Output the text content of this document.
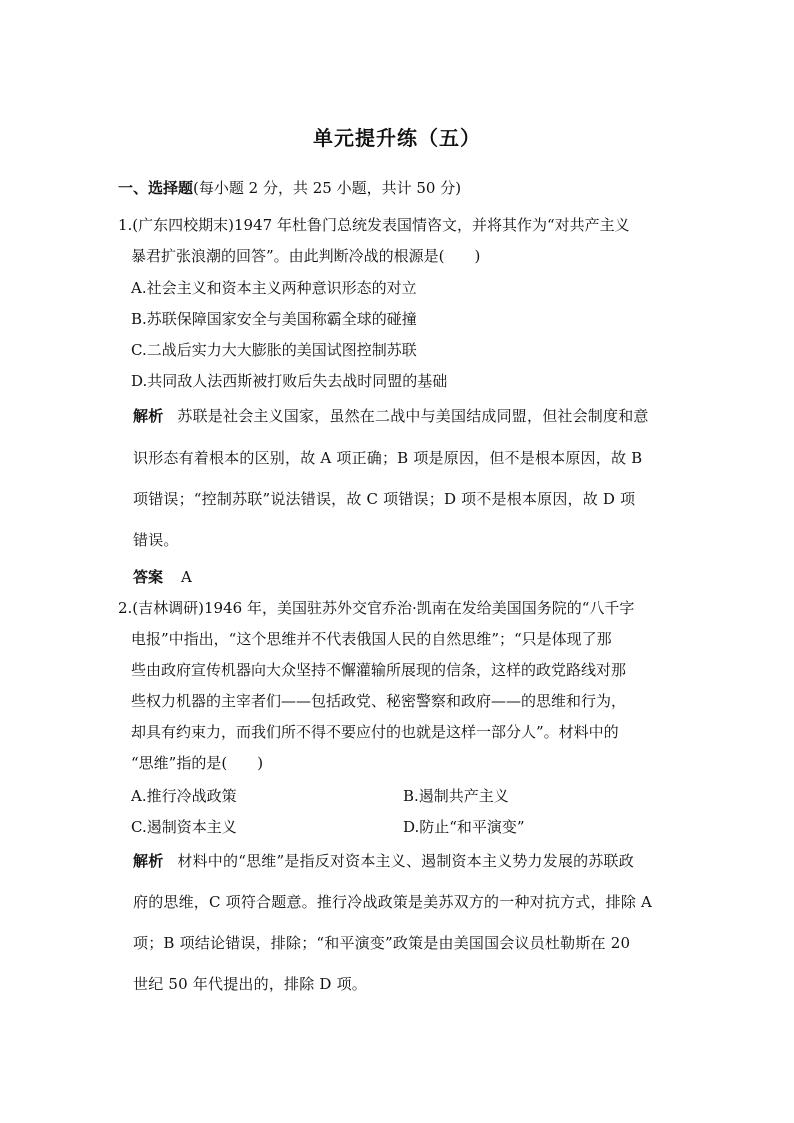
单元提升练（五）
一、选择题(每小题 2 分，共 25 小题，共计 50 分)
1.(广东四校期末)1947 年杜鲁门总统发表国情咨文，并将其作为“对共产主义
暴君扩张浪潮的回答”。由此判断冷战的根源是(　　)
A.社会主义和资本主义两种意识形态的对立
B.苏联保障国家安全与美国称霸全球的碰撞
C.二战后实力大大膨胀的美国试图控制苏联
D.共同敌人法西斯被打败后失去战时同盟的基础
解析 苏联是社会主义国家，虽然在二战中与美国结成同盟，但社会制度和意
识形态有着根本的区别，故 A 项正确；B 项是原因，但不是根本原因，故 B
项错误；“控制苏联”说法错误，故 C 项错误；D 项不是根本原因，故 D 项
错误。
答案 A
2.(吉林调研)1946 年，美国驻苏外交官乔治·凯南在发给美国国务院的“八千字
电报”中指出，“这个思维并不代表俄国人民的自然思维”；“只是体现了那
些由政府宣传机器向大众坚持不懈灌输所展现的信条，这样的政党路线对那
些权力机器的主宰者们——包括政党、秘密警察和政府——的思维和行为，
却具有约束力，而我们所不得不要应付的也就是这样一部分人”。材料中的
“思维”指的是(　　)
A.推行冷战政策	B.遏制共产主义
C.遏制资本主义	D.防止“和平演变”
解析 材料中的“思维”是指反对资本主义、遏制资本主义势力发展的苏联政
府的思维，C 项符合题意。推行冷战政策是美苏双方的一种对抗方式，排除 A
项；B 项结论错误，排除；“和平演变”政策是由美国国会议员杜勒斯在 20
世纪 50 年代提出的，排除 D 项。
